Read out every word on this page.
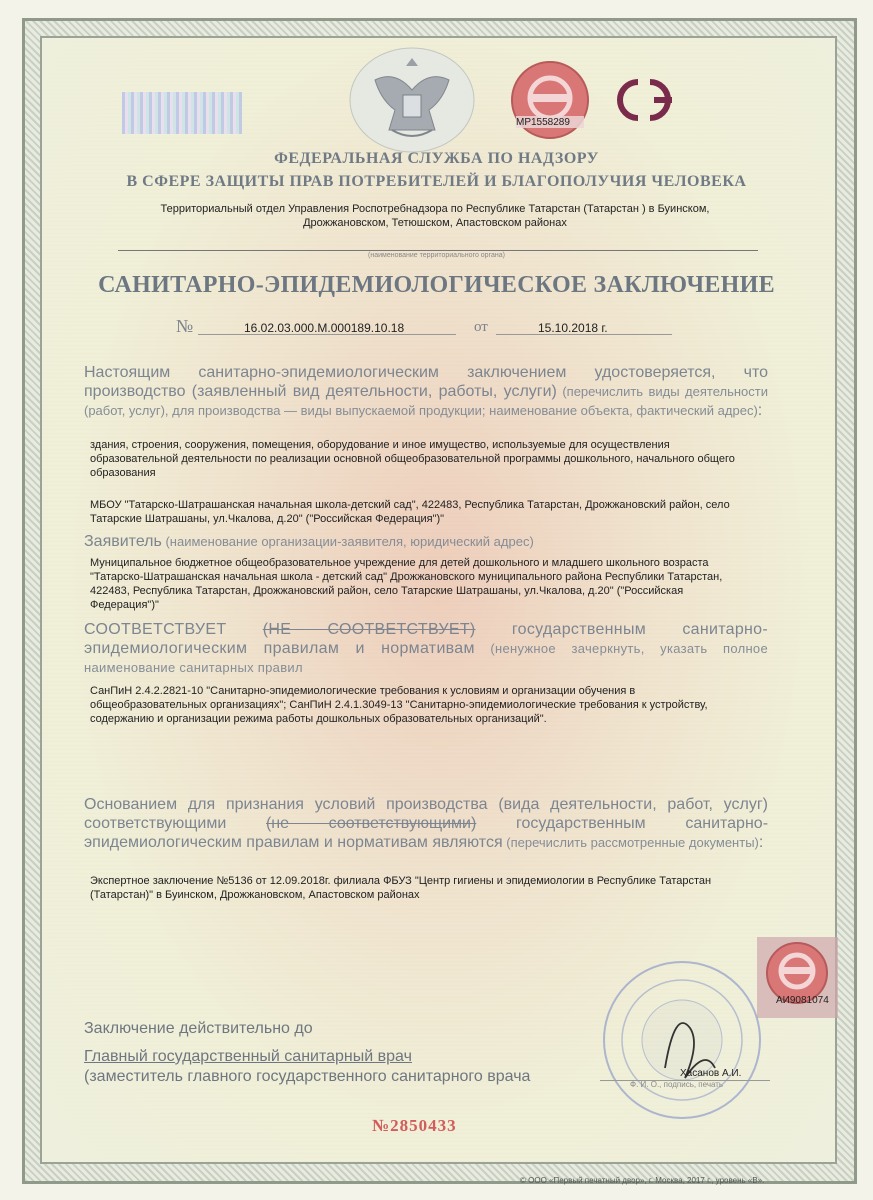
МР1558289
ФЕДЕРАЛЬНАЯ СЛУЖБА ПО НАДЗОРУ
В СФЕРЕ ЗАЩИТЫ ПРАВ ПОТРЕБИТЕЛЕЙ И БЛАГОПОЛУЧИЯ ЧЕЛОВЕКА
Территориальный отдел Управления Роспотребнадзора по Республике Татарстан (Татарстан ) в Буинском,
Дрожжановском, Тетюшском, Апастовском районах
(наименование территориального органа)
САНИТАРНО-ЭПИДЕМИОЛОГИЧЕСКОЕ ЗАКЛЮЧЕНИЕ
№	16.02.03.000.М.000189.10.18	от	15.10.2018 г.
Настоящим санитарно-эпидемиологическим заключением удостоверяется, что производство (заявленный вид деятельности, работы, услуги) (перечислить виды деятельности (работ, услуг), для производства — виды выпускаемой продукции; наименование объекта, фактический адрес):
здания, строения, сооружения, помещения, оборудование и иное имущество, используемые для осуществления образовательной деятельности по реализации основной общеобразовательной программы дошкольного, начального общего образования
МБОУ "Татарско-Шатрашанская начальная школа-детский сад", 422483, Республика Татарстан, Дрожжановский район, село Татарские Шатрашаны, ул.Чкалова, д.20" ("Российская Федерация")"
Заявитель (наименование организации-заявителя, юридический адрес)
Муниципальное бюджетное общеобразовательное учреждение для детей дошкольного и младшего школьного возраста "Татарско-Шатрашанская начальная школа - детский сад" Дрожжановского муниципального района Республики Татарстан, 422483, Республика Татарстан, Дрожжановский район, село Татарские Шатрашаны, ул.Чкалова, д.20" ("Российская Федерация")"
СООТВЕТСТВУЕТ (НЕ СООТВЕТСТВУЕТ) государственным санитарно-эпидемиологическим правилам и нормативам (ненужное зачеркнуть, указать полное наименование санитарных правил
СанПиН 2.4.2.2821-10 "Санитарно-эпидемиологические требования к условиям и организации обучения в общеобразовательных организациях"; СанПиН 2.4.1.3049-13 "Санитарно-эпидемиологические требования к устройству, содержанию и организации режима работы дошкольных образовательных организаций".
Основанием для признания условий производства (вида деятельности, работ, услуг) соответствующими (не соответствующими) государственным санитарно-эпидемиологическим правилам и нормативам являются (перечислить рассмотренные документы):
Экспертное заключение №5136 от 12.09.2018г. филиала ФБУЗ "Центр гигиены и эпидемиологии в Республике Татарстан (Татарстан)" в Буинском, Дрожжановском, Апастовском районах
АИ9081074
Заключение действительно до
Главный государственный санитарный врач
(заместитель главного государственного санитарного врача	Хасанов А.И.
Ф. И. О., подпись, печать
№2850433
© ООО «Первый печатный двор», г. Москва, 2017 г., уровень «В».
